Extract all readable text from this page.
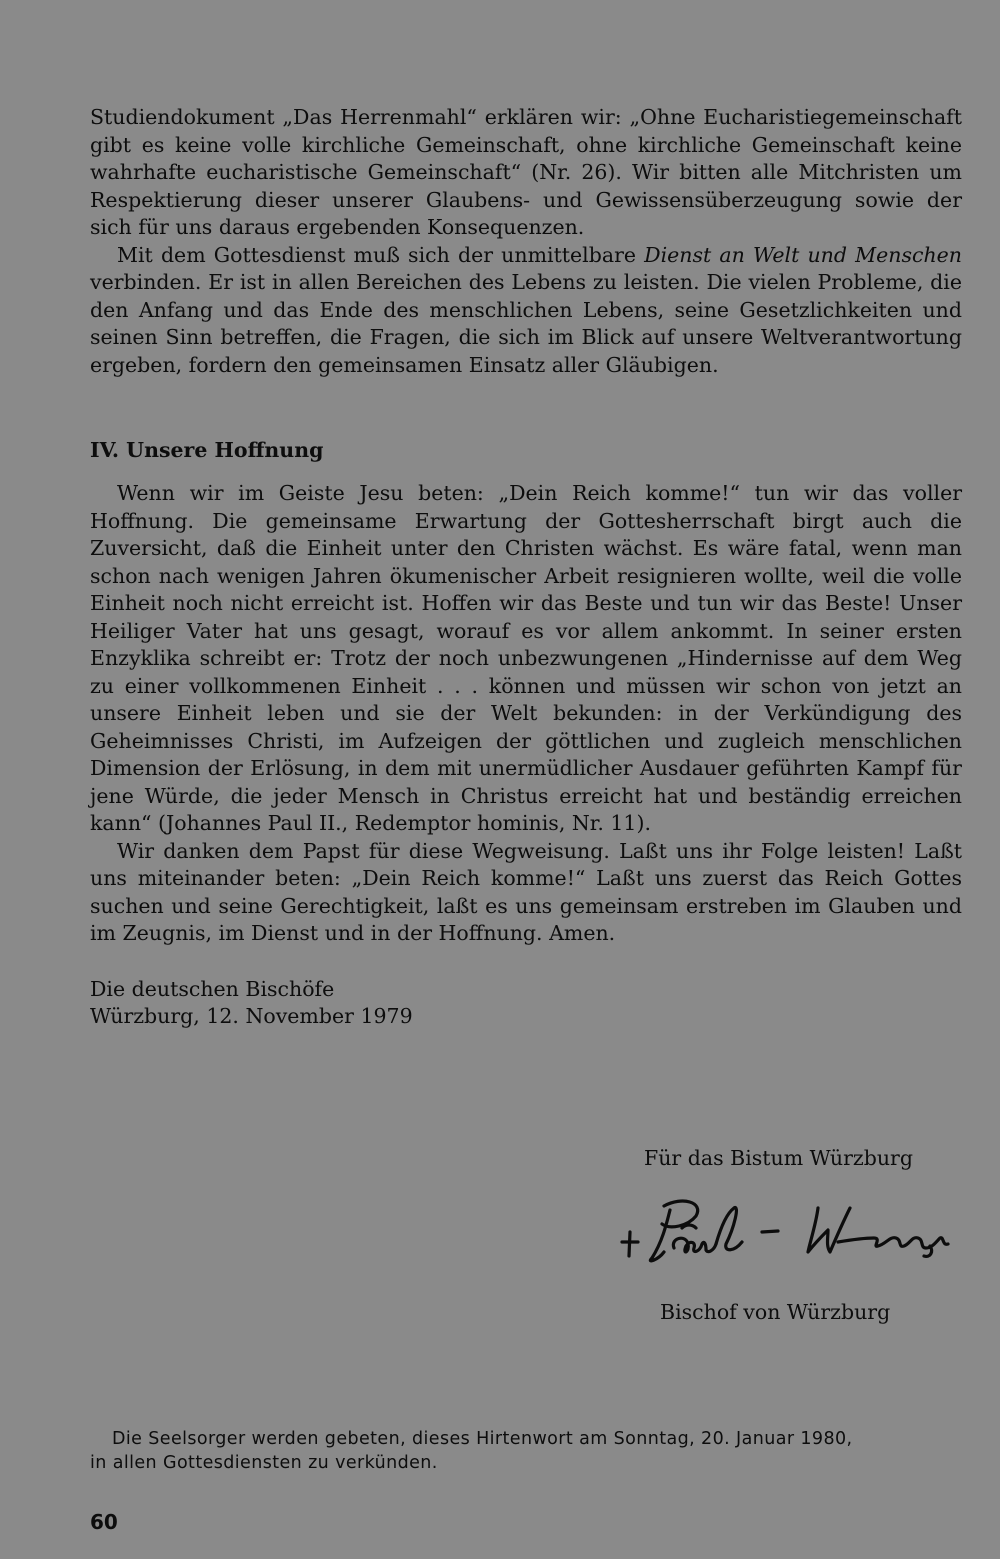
Studiendokument „Das Herrenmahl“ erklären wir: „Ohne Eucharistiegemeinschaft gibt es keine volle kirchliche Gemeinschaft, ohne kirchliche Gemeinschaft keine wahrhafte eucharistische Gemeinschaft“ (Nr. 26). Wir bitten alle Mitchristen um Respektierung dieser unserer Glaubens- und Gewissensüberzeugung sowie der sich für uns daraus ergebenden Konsequenzen.

Mit dem Gottesdienst muß sich der unmittelbare Dienst an Welt und Menschen verbinden. Er ist in allen Bereichen des Lebens zu leisten. Die vielen Probleme, die den Anfang und das Ende des menschlichen Lebens, seine Gesetzlichkeiten und seinen Sinn betreffen, die Fragen, die sich im Blick auf unsere Weltverantwortung ergeben, fordern den gemeinsamen Einsatz aller Gläubigen.

IV. Unsere Hoffnung

Wenn wir im Geiste Jesu beten: „Dein Reich komme!“ tun wir das voller Hoffnung. Die gemeinsame Erwartung der Gottesherrschaft birgt auch die Zuversicht, daß die Einheit unter den Christen wächst. Es wäre fatal, wenn man schon nach wenigen Jahren ökumenischer Arbeit resignieren wollte, weil die volle Einheit noch nicht erreicht ist. Hoffen wir das Beste und tun wir das Beste! Unser Heiliger Vater hat uns gesagt, worauf es vor allem ankommt. In seiner ersten Enzyklika schreibt er: Trotz der noch unbezwungenen „Hindernisse auf dem Weg zu einer vollkommenen Einheit . . . können und müssen wir schon von jetzt an unsere Einheit leben und sie der Welt bekunden: in der Verkündigung des Geheimnisses Christi, im Aufzeigen der göttlichen und zugleich menschlichen Dimension der Erlösung, in dem mit unermüdlicher Ausdauer geführten Kampf für jene Würde, die jeder Mensch in Christus erreicht hat und beständig erreichen kann“ (Johannes Paul II., Redemptor hominis, Nr. 11).

Wir danken dem Papst für diese Wegweisung. Laßt uns ihr Folge leisten! Laßt uns miteinander beten: „Dein Reich komme!“ Laßt uns zuerst das Reich Gottes suchen und seine Gerechtigkeit, laßt es uns gemeinsam erstreben im Glauben und im Zeugnis, im Dienst und in der Hoffnung. Amen.

Die deutschen Bischöfe
Würzburg, 12. November 1979
Für das Bistum Würzburg
Bischof von Würzburg
Die Seelsorger werden gebeten, dieses Hirtenwort am Sonntag, 20. Januar 1980,
in allen Gottesdiensten zu verkünden.
60
